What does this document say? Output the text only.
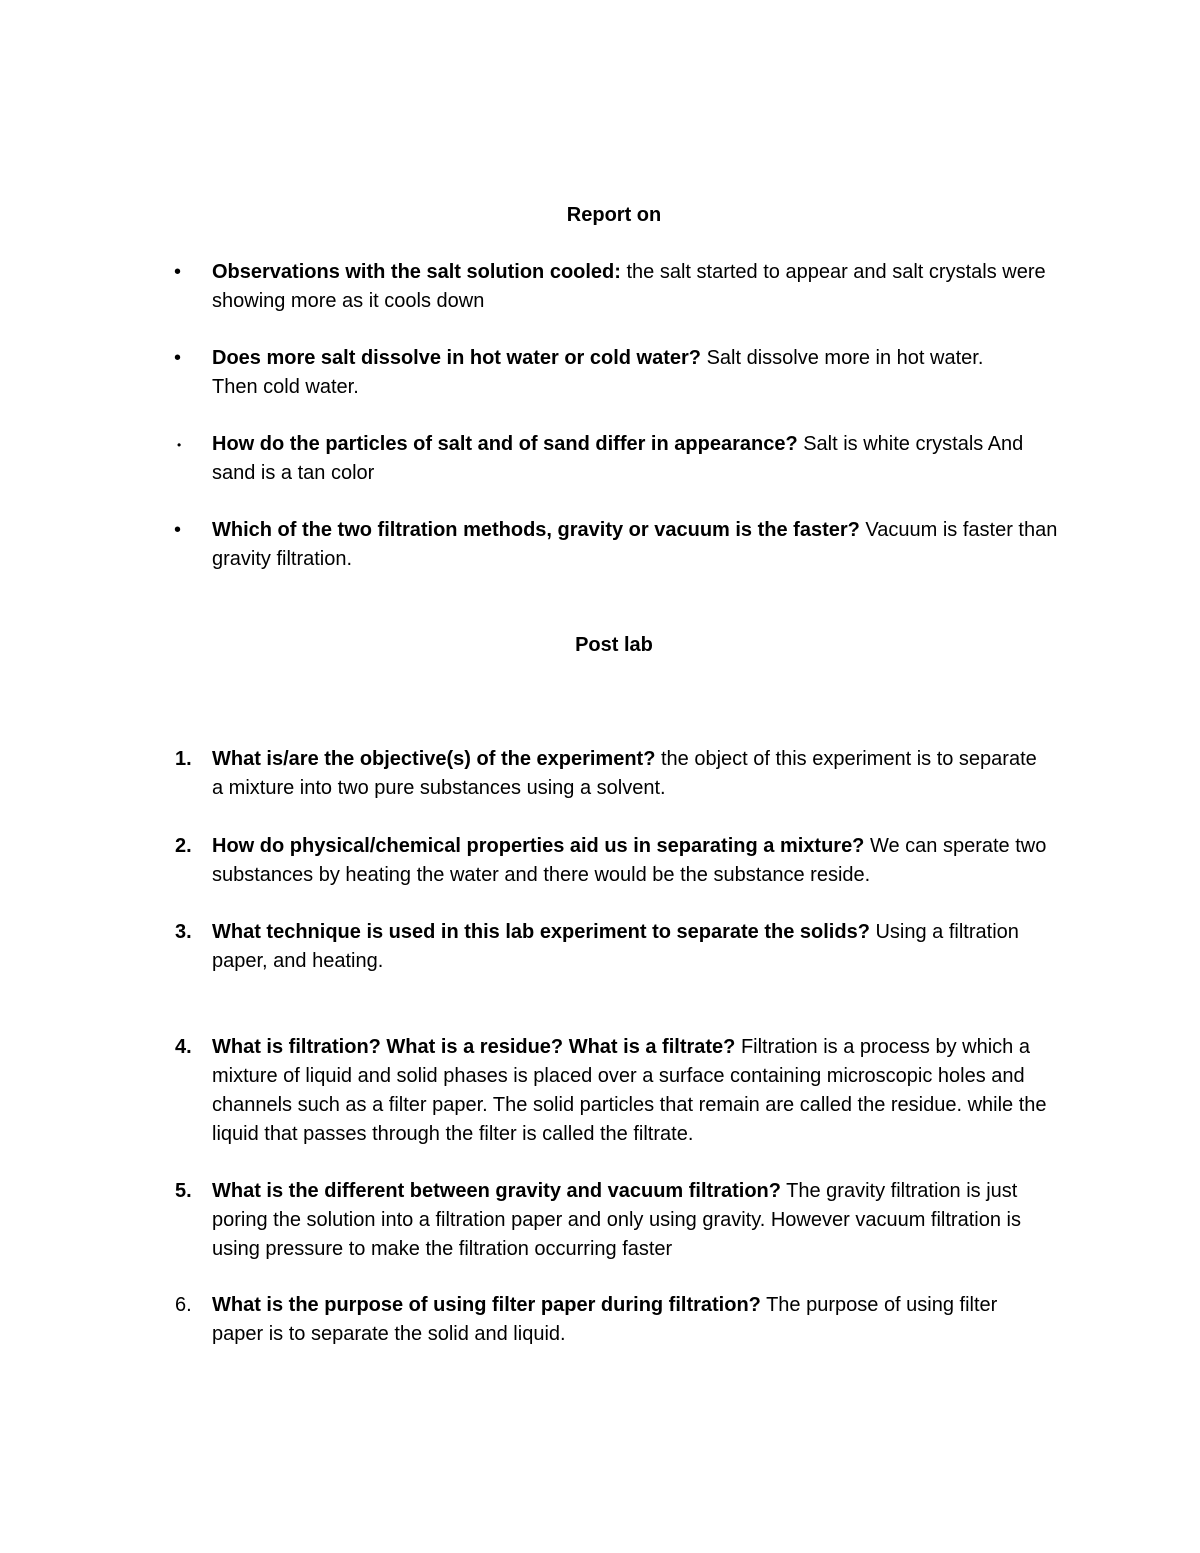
Report on
•	Observations with the salt solution cooled: the salt started to appear and salt crystals were showing more as it cools down
•	Does more salt dissolve in hot water or cold water? Salt dissolve more in hot water. Then cold water.
•	How do the particles of salt and of sand differ in appearance? Salt is white crystals And sand is a tan color
•	Which of the two filtration methods, gravity or vacuum is the faster? Vacuum is faster than gravity filtration.
Post lab
1.	What is/are the objective(s) of the experiment? the object of this experiment is to separate a mixture into two pure substances using a solvent.
2.	How do physical/chemical properties aid us in separating a mixture? We can sperate two substances by heating the water and there would be the substance reside.
3.	What technique is used in this lab experiment to separate the solids? Using a filtration paper, and heating.
4.	What is filtration? What is a residue? What is a filtrate? Filtration is a process by which a mixture of liquid and solid phases is placed over a surface containing microscopic holes and channels such as a filter paper. The solid particles that remain are called the residue. while the liquid that passes through the filter is called the filtrate.
5.	What is the different between gravity and vacuum filtration? The gravity filtration is just poring the solution into a filtration paper and only using gravity. However vacuum filtration is using pressure to make the filtration occurring faster
6.	What is the purpose of using filter paper during filtration? The purpose of using filter paper is to separate the solid and liquid.
